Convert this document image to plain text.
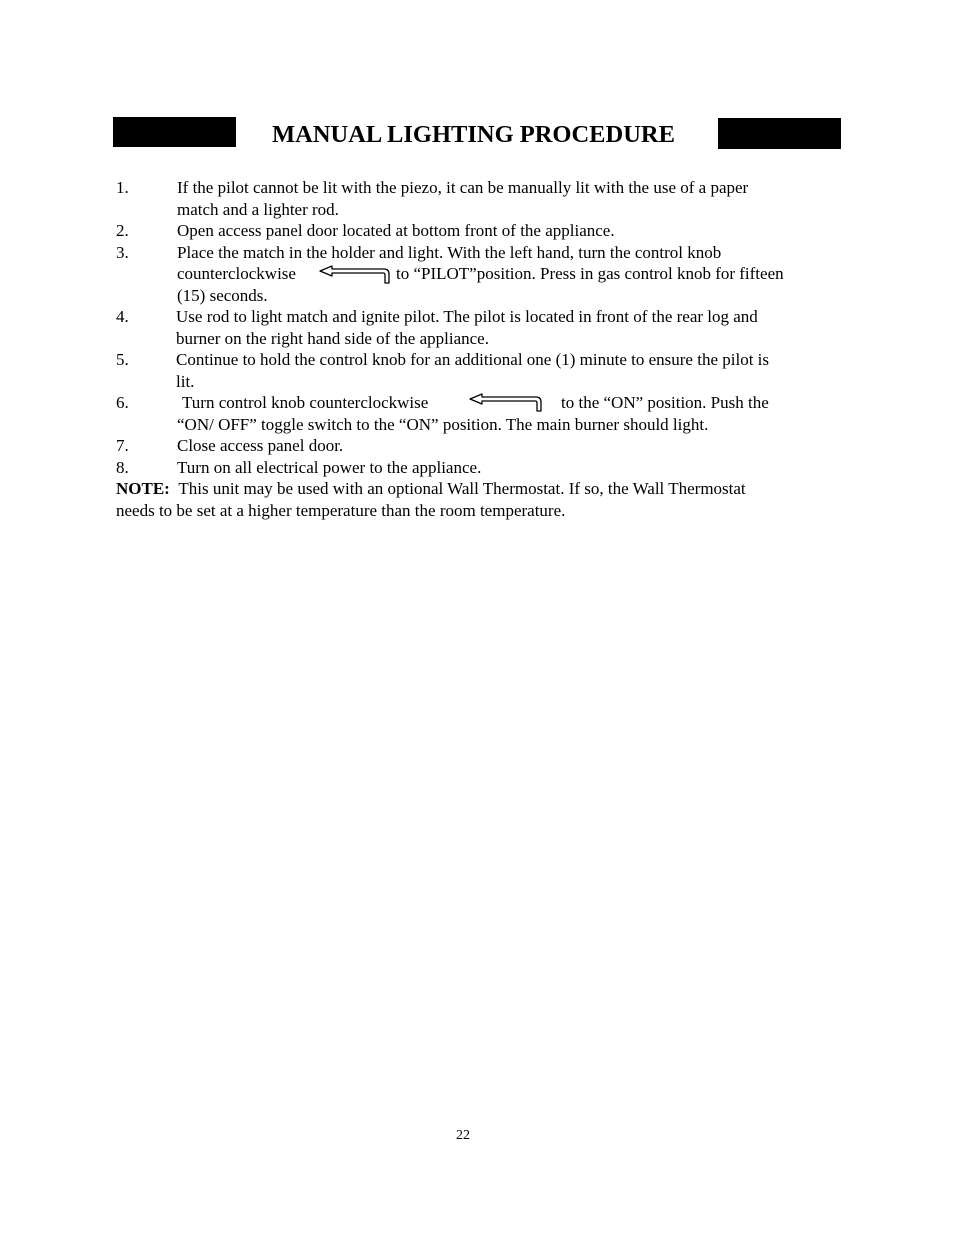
MANUAL LIGHTING PROCEDURE
1.	If the pilot cannot be lit with the piezo, it can be manually lit with the use of a paper
match and a lighter rod.
2.	Open access panel door located at bottom front of the appliance.
3.	Place the match in the holder and light. With the left hand, turn the control knob
counterclockwise	to “PILOT”position. Press in gas control knob for fifteen
(15) seconds.
4.	Use rod to light match and ignite pilot. The pilot is located in front of the rear log and
burner on the right hand side of the appliance.
5.	Continue to hold the control knob for an additional one (1) minute to ensure the pilot is
lit.
6.	Turn control knob counterclockwise	to the “ON” position. Push the
“ON/ OFF” toggle switch to the “ON” position. The main burner should light.
7.	Close access panel door.
8.	Turn on all electrical power to the appliance.
NOTE: This unit may be used with an optional Wall Thermostat. If so, the Wall Thermostat
needs to be set at a higher temperature than the room temperature.
22
